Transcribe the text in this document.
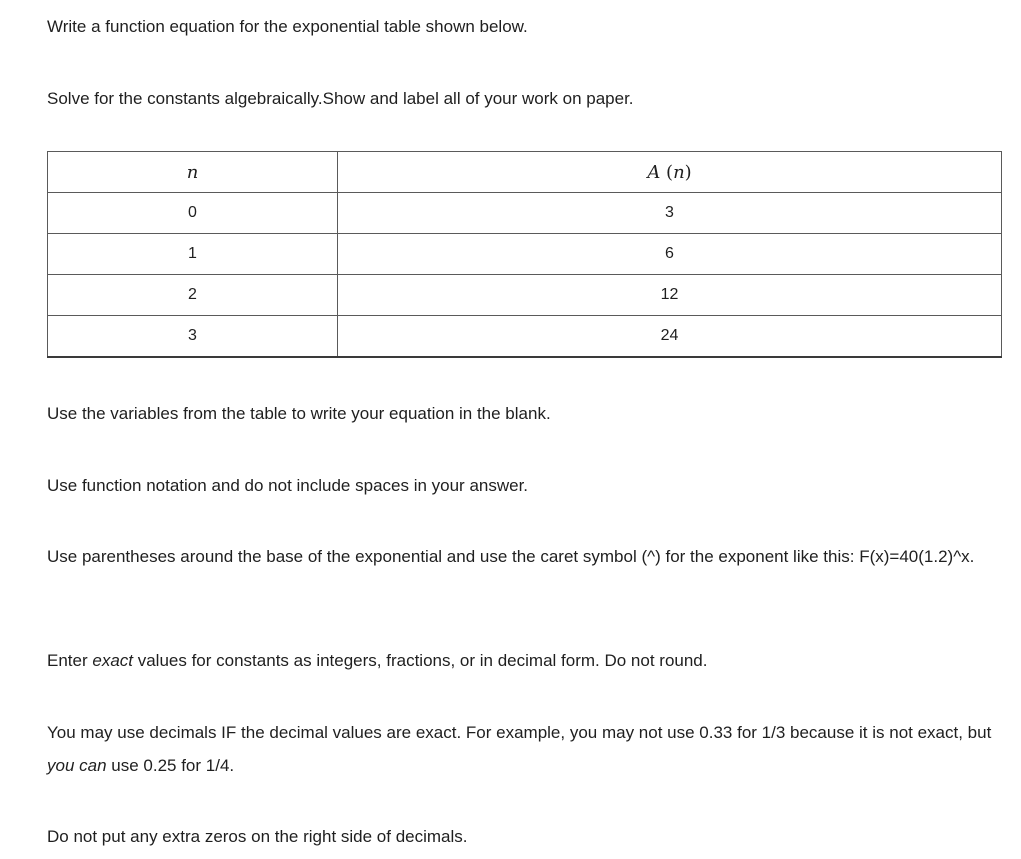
Write a function equation for the exponential table shown below.
Solve for the constants algebraically.Show and label all of your work on paper.
n	A (n)
0	3
1	6
2	12
3	24
Use the variables from the table to write your equation in the blank.
Use function notation and do not include spaces in your answer.
Use parentheses around the base of the exponential and use the caret symbol (^) for the exponent like this: F(x)=40(1.2)^x.
Enter exact values for constants as integers, fractions, or in decimal form. Do not round.
You may use decimals IF the decimal values are exact. For example, you may not use 0.33 for 1/3 because it is not exact, but you can use 0.25 for 1/4.
Do not put any extra zeros on the right side of decimals.
